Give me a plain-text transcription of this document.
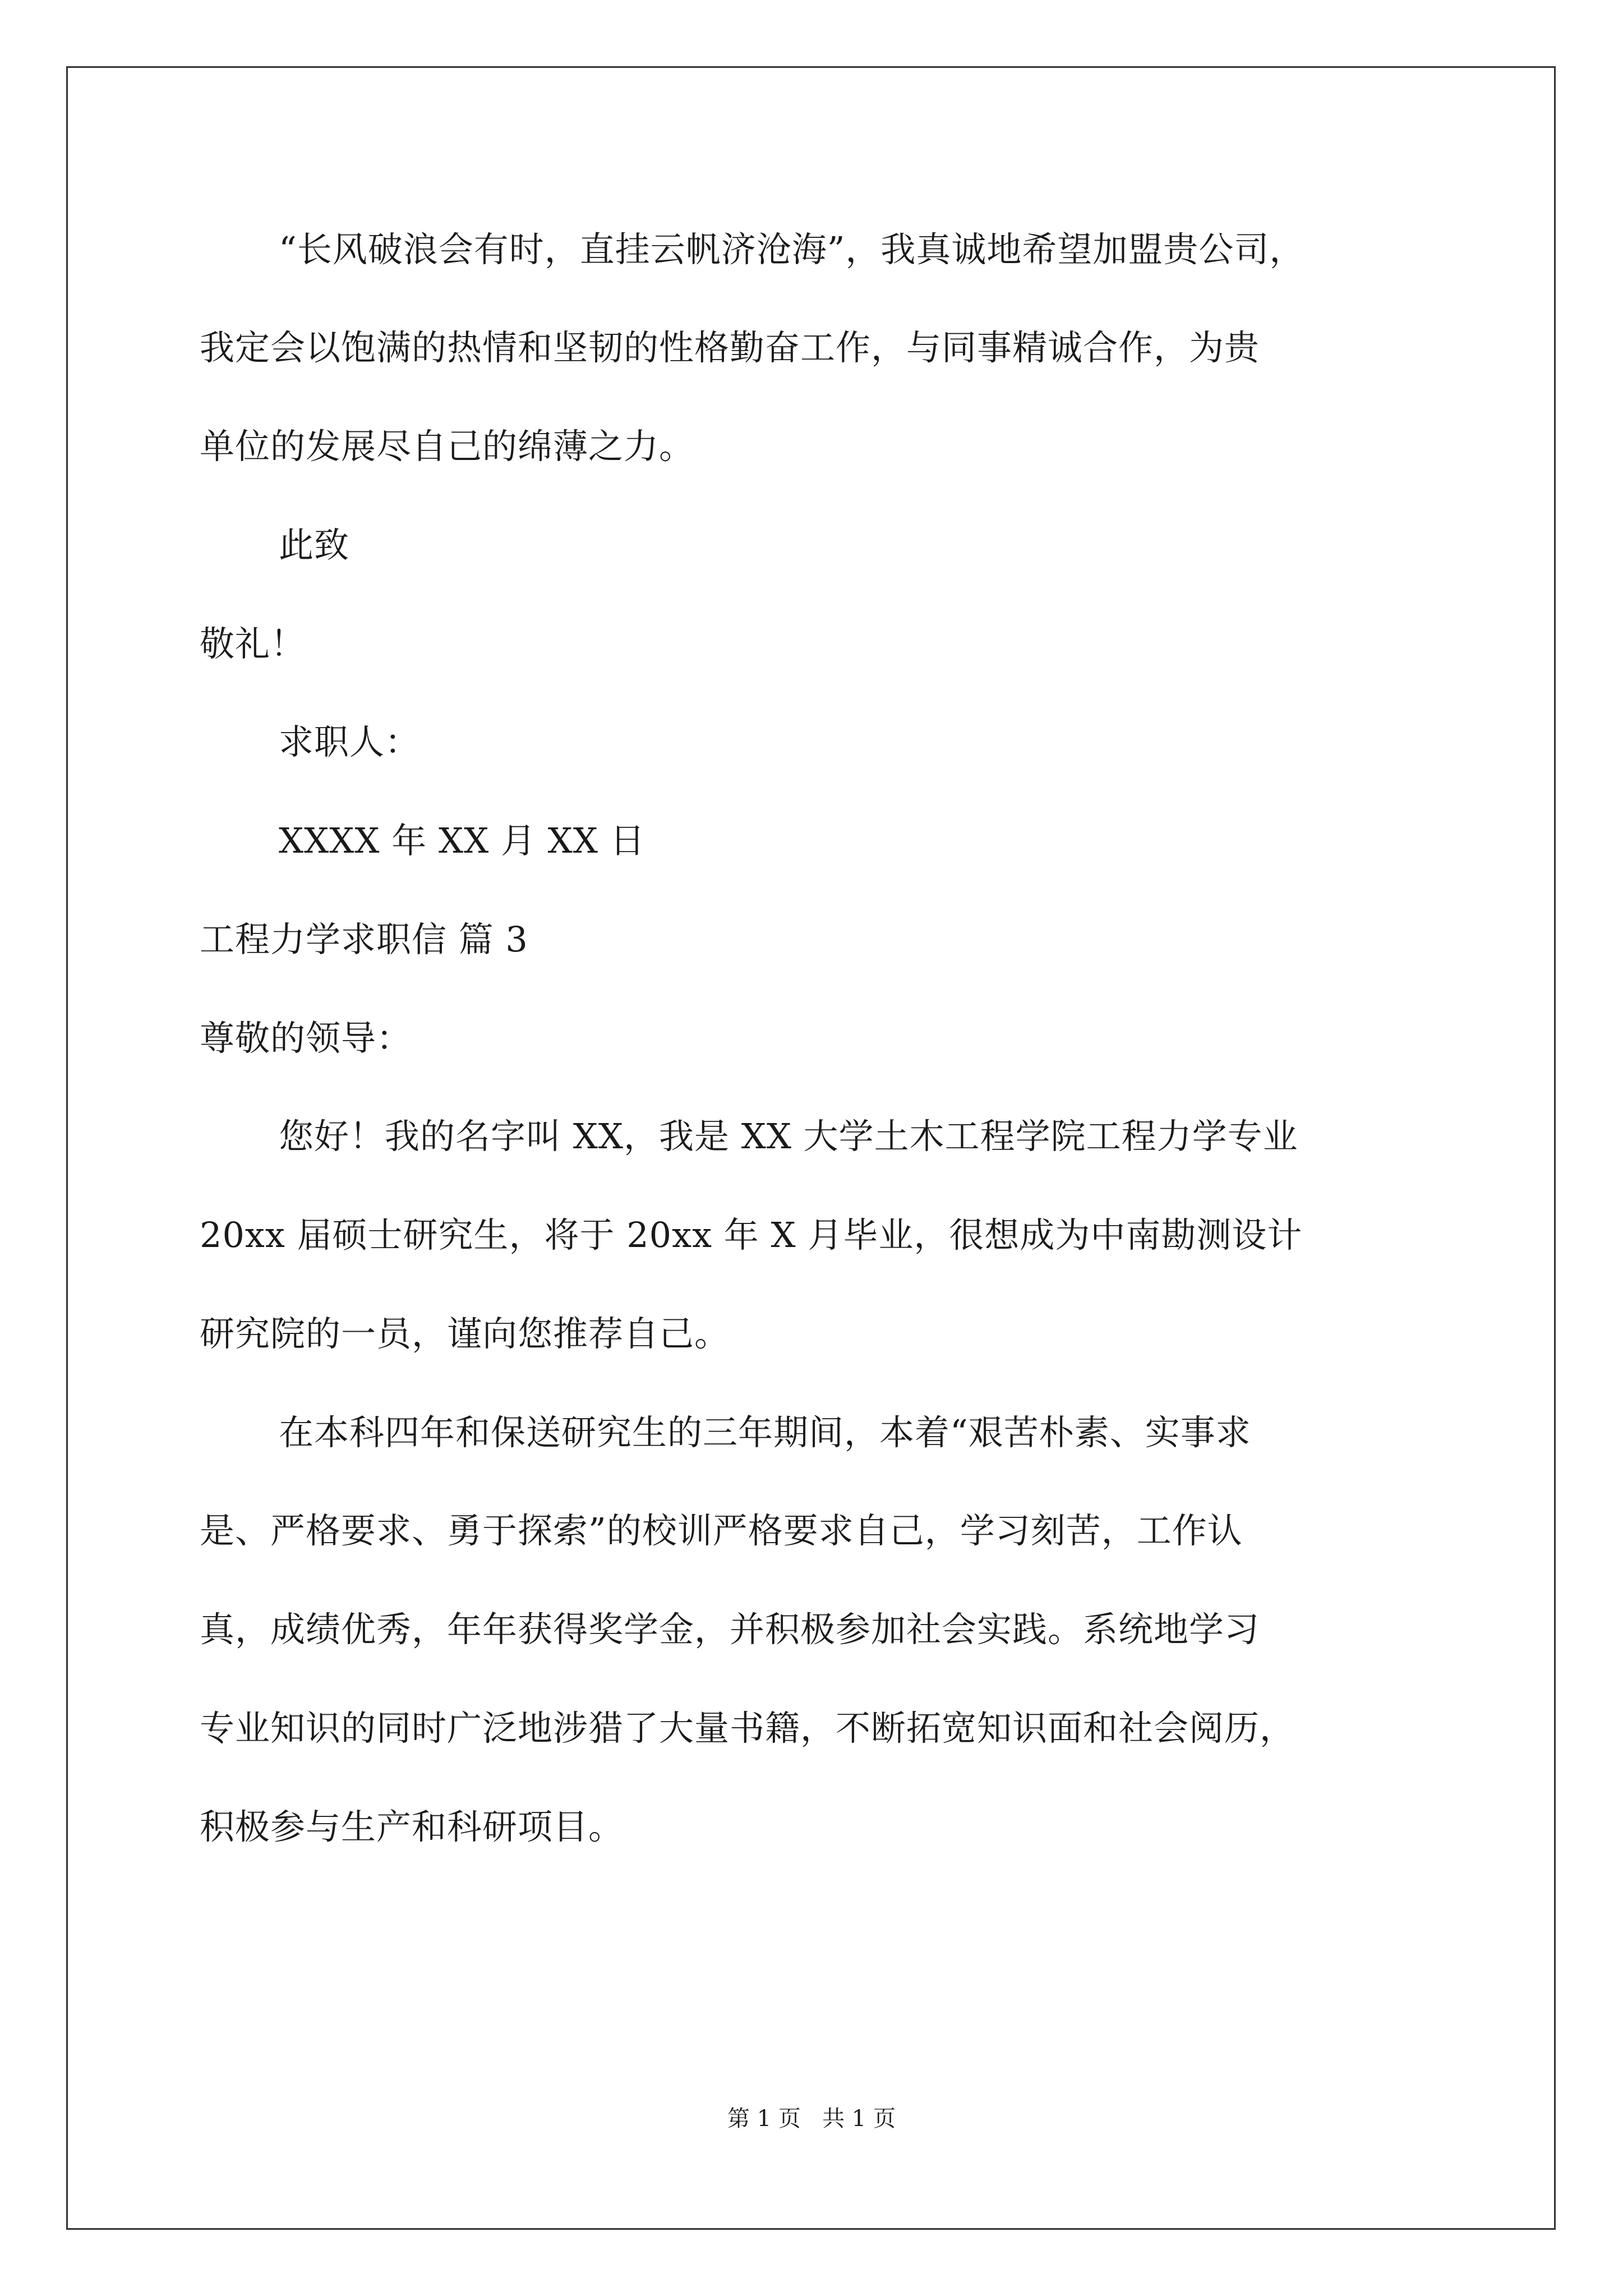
“长风破浪会有时，直挂云帆济沧海”，我真诚地希望加盟贵公司，
我定会以饱满的热情和坚韧的性格勤奋工作，与同事精诚合作，为贵
单位的发展尽自己的绵薄之力。
此致
敬礼！
求职人：
XXXX 年 XX 月 XX 日
工程力学求职信 篇 3
尊敬的领导：
您好！我的名字叫 XX，我是 XX 大学土木工程学院工程力学专业
20xx 届硕士研究生，将于 20xx 年 X 月毕业，很想成为中南勘测设计
研究院的一员，谨向您推荐自己。
在本科四年和保送研究生的三年期间，本着“艰苦朴素、实事求
是、严格要求、勇于探索”的校训严格要求自己，学习刻苦，工作认
真，成绩优秀，年年获得奖学金，并积极参加社会实践。系统地学习
专业知识的同时广泛地涉猎了大量书籍，不断拓宽知识面和社会阅历，
积极参与生产和科研项目。
第 1 页   共 1 页
